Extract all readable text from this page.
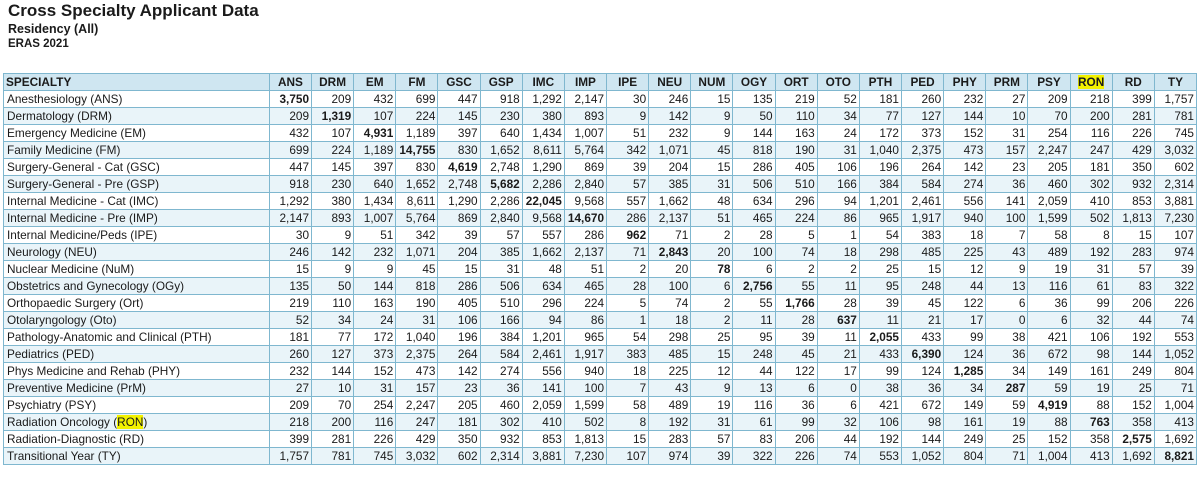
Cross Specialty Applicant Data
Residency (All)
ERAS 2021
SPECIALTY	ANS	DRM	EM	FM	GSC	GSP	IMC	IMP	IPE	NEU	NUM	OGY	ORT	OTO	PTH	PED	PHY	PRM	PSY	RON	RD	TY
Anesthesiology (ANS)	3,750	209	432	699	447	918	1,292	2,147	30	246	15	135	219	52	181	260	232	27	209	218	399	1,757
Dermatology (DRM)	209	1,319	107	224	145	230	380	893	9	142	9	50	110	34	77	127	144	10	70	200	281	781
Emergency Medicine (EM)	432	107	4,931	1,189	397	640	1,434	1,007	51	232	9	144	163	24	172	373	152	31	254	116	226	745
Family Medicine (FM)	699	224	1,189	14,755	830	1,652	8,611	5,764	342	1,071	45	818	190	31	1,040	2,375	473	157	2,247	247	429	3,032
Surgery-General - Cat (GSC)	447	145	397	830	4,619	2,748	1,290	869	39	204	15	286	405	106	196	264	142	23	205	181	350	602
Surgery-General - Pre (GSP)	918	230	640	1,652	2,748	5,682	2,286	2,840	57	385	31	506	510	166	384	584	274	36	460	302	932	2,314
Internal Medicine - Cat (IMC)	1,292	380	1,434	8,611	1,290	2,286	22,045	9,568	557	1,662	48	634	296	94	1,201	2,461	556	141	2,059	410	853	3,881
Internal Medicine - Pre (IMP)	2,147	893	1,007	5,764	869	2,840	9,568	14,670	286	2,137	51	465	224	86	965	1,917	940	100	1,599	502	1,813	7,230
Internal Medicine/Peds (IPE)	30	9	51	342	39	57	557	286	962	71	2	28	5	1	54	383	18	7	58	8	15	107
Neurology (NEU)	246	142	232	1,071	204	385	1,662	2,137	71	2,843	20	100	74	18	298	485	225	43	489	192	283	974
Nuclear Medicine (NuM)	15	9	9	45	15	31	48	51	2	20	78	6	2	2	25	15	12	9	19	31	57	39
Obstetrics and Gynecology (OGy)	135	50	144	818	286	506	634	465	28	100	6	2,756	55	11	95	248	44	13	116	61	83	322
Orthopaedic Surgery (Ort)	219	110	163	190	405	510	296	224	5	74	2	55	1,766	28	39	45	122	6	36	99	206	226
Otolaryngology (Oto)	52	34	24	31	106	166	94	86	1	18	2	11	28	637	11	21	17	0	6	32	44	74
Pathology-Anatomic and Clinical (PTH)	181	77	172	1,040	196	384	1,201	965	54	298	25	95	39	11	2,055	433	99	38	421	106	192	553
Pediatrics (PED)	260	127	373	2,375	264	584	2,461	1,917	383	485	15	248	45	21	433	6,390	124	36	672	98	144	1,052
Phys Medicine and Rehab (PHY)	232	144	152	473	142	274	556	940	18	225	12	44	122	17	99	124	1,285	34	149	161	249	804
Preventive Medicine (PrM)	27	10	31	157	23	36	141	100	7	43	9	13	6	0	38	36	34	287	59	19	25	71
Psychiatry (PSY)	209	70	254	2,247	205	460	2,059	1,599	58	489	19	116	36	6	421	672	149	59	4,919	88	152	1,004
Radiation Oncology (RON)	218	200	116	247	181	302	410	502	8	192	31	61	99	32	106	98	161	19	88	763	358	413
Radiation-Diagnostic (RD)	399	281	226	429	350	932	853	1,813	15	283	57	83	206	44	192	144	249	25	152	358	2,575	1,692
Transitional Year (TY)	1,757	781	745	3,032	602	2,314	3,881	7,230	107	974	39	322	226	74	553	1,052	804	71	1,004	413	1,692	8,821
